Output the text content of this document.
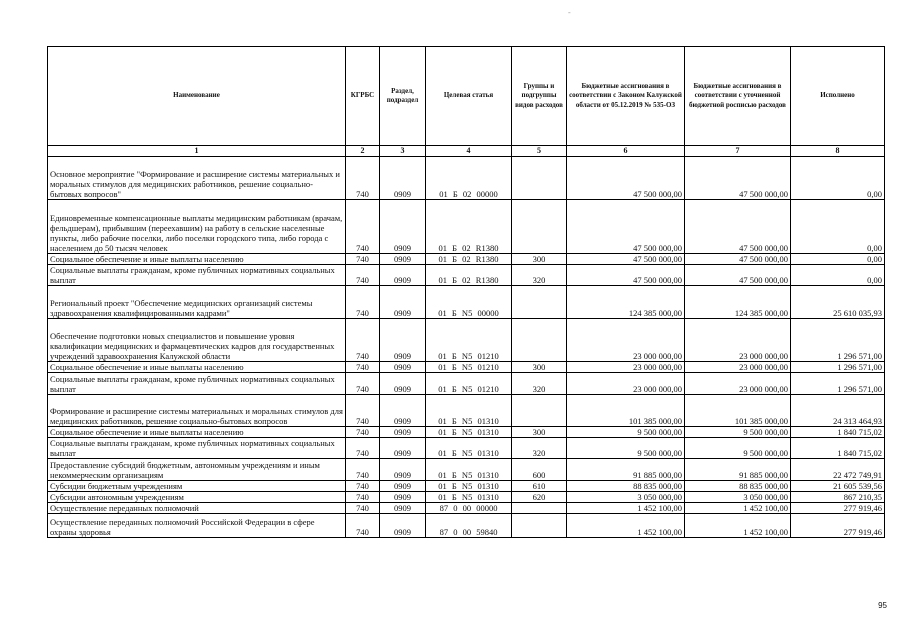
-
Наименование	КГРБС	Раздел, подраздел	Целевая статья	Группы и подгруппы видов расходов	Бюджетные ассигнования в соответствии с Законом Калужской области от 05.12.2019 № 535-ОЗ	Бюджетные ассигнования в соответствии с уточненной бюджетной росписью расходов	Исполнено
1	2	3	4	5	6	7	8
Основное мероприятие "Формирование и расширение системы материальных и моральных стимулов для медицинских работников, решение социально-бытовых вопросов"	740	0909	01 Б 02 00000		47 500 000,00	47 500 000,00	0,00
Единовременные компенсационные выплаты медицинским работникам (врачам, фельдшерам), прибывшим (переехавшим) на работу в сельские населенные пункты, либо рабочие поселки, либо поселки городского типа, либо города с населением до 50 тысяч человек	740	0909	01 Б 02 R1380		47 500 000,00	47 500 000,00	0,00
Социальное обеспечение и иные выплаты населению	740	0909	01 Б 02 R1380	300	47 500 000,00	47 500 000,00	0,00
Социальные выплаты гражданам, кроме публичных нормативных социальных выплат	740	0909	01 Б 02 R1380	320	47 500 000,00	47 500 000,00	0,00
Региональный проект "Обеспечение медицинских организаций системы здравоохранения квалифицированными кадрами"	740	0909	01 Б N5 00000		124 385 000,00	124 385 000,00	25 610 035,93
Обеспечение подготовки новых специалистов и повышение уровня квалификации медицинских и фармацевтических кадров для государственных учреждений здравоохранения Калужской области	740	0909	01 Б N5 01210		23 000 000,00	23 000 000,00	1 296 571,00
Социальное обеспечение и иные выплаты населению	740	0909	01 Б N5 01210	300	23 000 000,00	23 000 000,00	1 296 571,00
Социальные выплаты гражданам, кроме публичных нормативных социальных выплат	740	0909	01 Б N5 01210	320	23 000 000,00	23 000 000,00	1 296 571,00
Формирование и расширение системы материальных и моральных стимулов для медицинских работников, решение социально-бытовых вопросов	740	0909	01 Б N5 01310		101 385 000,00	101 385 000,00	24 313 464,93
Социальное обеспечение и иные выплаты населению	740	0909	01 Б N5 01310	300	9 500 000,00	9 500 000,00	1 840 715,02
Социальные выплаты гражданам, кроме публичных нормативных социальных выплат	740	0909	01 Б N5 01310	320	9 500 000,00	9 500 000,00	1 840 715,02
Предоставление субсидий бюджетным, автономным учреждениям и иным некоммерческим организациям	740	0909	01 Б N5 01310	600	91 885 000,00	91 885 000,00	22 472 749,91
Субсидии бюджетным учреждениям	740	0909	01 Б N5 01310	610	88 835 000,00	88 835 000,00	21 605 539,56
Субсидии автономным учреждениям	740	0909	01 Б N5 01310	620	3 050 000,00	3 050 000,00	867 210,35
Осуществление переданных полномочий	740	0909	87 0 00 00000		1 452 100,00	1 452 100,00	277 919,46
Осуществление переданных полномочий Российской Федерации в сфере охраны здоровья	740	0909	87 0 00 59840		1 452 100,00	1 452 100,00	277 919,46
95
